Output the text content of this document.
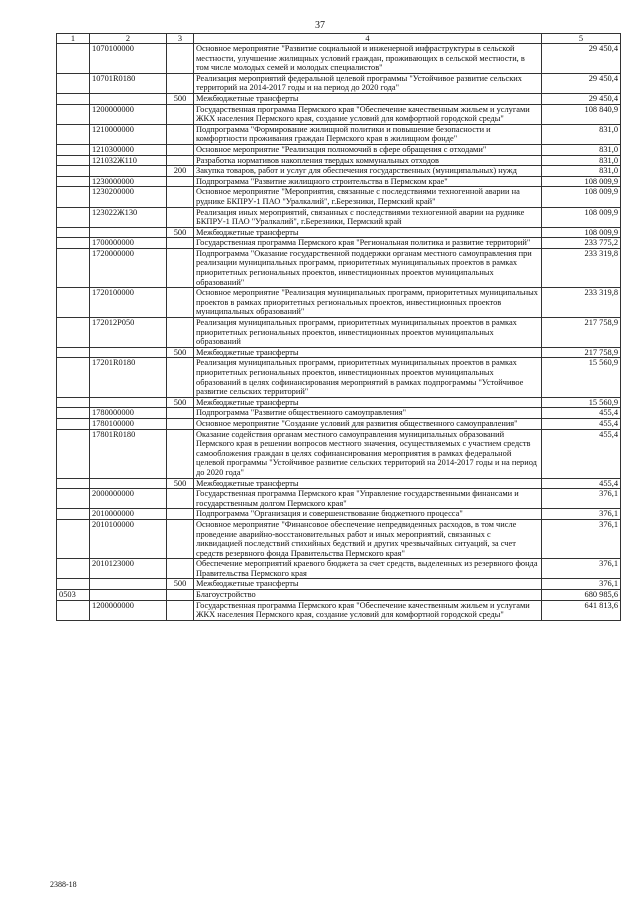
37
1	2	3	4	5
	1070100000		Основное мероприятие "Развитие социальной и инженерной инфраструктуры в сельской местности, улучшение жилищных условий граждан, проживающих в сельской местности, в том числе молодых семей и молодых специалистов"	29 450,4
	10701R0180		Реализация мероприятий федеральной целевой программы "Устойчивое развитие сельских территорий на 2014-2017 годы и на период до 2020 года"	29 450,4
		500	Межбюджетные трансферты	29 450,4
	1200000000		Государственная программа Пермского края "Обеспечение качественным жильем и услугами ЖКХ населения Пермского края, создание условий для комфортной городской среды"	108 840,9
	1210000000		Подпрограмма "Формирование жилищной политики и повышение безопасности и комфортности проживания граждан Пермского края в жилищном фонде"	831,0
	1210300000		Основное мероприятие "Реализация полномочий в сфере обращения с отходами"	831,0
	121032Ж110		Разработка нормативов накопления твердых коммунальных отходов	831,0
		200	Закупка товаров, работ и услуг для обеспечения государственных (муниципальных) нужд	831,0
	1230000000		Подпрограмма "Развитие жилищного строительства в Пермском крае"	108 009,9
	1230200000		Основное мероприятие "Мероприятия, связанные с последствиями техногенной аварии на руднике БКПРУ-1 ПАО "Уралкалий", г.Березники, Пермский край"	108 009,9
	123022Ж130		Реализация иных мероприятий, связанных с последствиями техногенной аварии на руднике БКПРУ-1 ПАО "Уралкалий", г.Березники, Пермский край	108 009,9
		500	Межбюджетные трансферты	108 009,9
	1700000000		Государственная программа Пермского края "Региональная политика и развитие территорий"	233 775,2
	1720000000		Подпрограмма "Оказание государственной поддержки органам местного самоуправления при реализации муниципальных программ, приоритетных муниципальных проектов в рамках приоритетных региональных проектов, инвестиционных проектов муниципальных образований"	233 319,8
	1720100000		Основное мероприятие "Реализация муниципальных программ, приоритетных муниципальных проектов в рамках приоритетных региональных проектов, инвестиционных проектов муниципальных образований"	233 319,8
	172012Р050		Реализация муниципальных программ, приоритетных муниципальных проектов в рамках приоритетных региональных проектов, инвестиционных проектов муниципальных образований	217 758,9
		500	Межбюджетные трансферты	217 758,9
	17201R0180		Реализация муниципальных программ, приоритетных муниципальных проектов в рамках приоритетных региональных проектов, инвестиционных проектов муниципальных образований в целях софинансирования мероприятий в рамках подпрограммы "Устойчивое развитие сельских территорий"	15 560,9
		500	Межбюджетные трансферты	15 560,9
	1780000000		Подпрограмма "Развитие общественного самоуправления"	455,4
	1780100000		Основное мероприятие "Создание условий для развития общественного самоуправления"	455,4
	17801R0180		Оказание содействия органам местного самоуправления муниципальных образований Пермского края в решении вопросов местного значения, осуществляемых с участием средств самообложения граждан в целях софинансирования мероприятия в рамках федеральной целевой программы "Устойчивое развитие сельских территорий на 2014-2017 годы и на период до 2020 года"	455,4
		500	Межбюджетные трансферты	455,4
	2000000000		Государственная программа Пермского края "Управление государственными финансами и государственным долгом Пермского края"	376,1
	2010000000		Подпрограмма "Организация и совершенствование бюджетного процесса"	376,1
	2010100000		Основное мероприятие "Финансовое обеспечение непредвиденных расходов, в том числе проведение аварийно-восстановительных работ и иных мероприятий, связанных с ликвидацией последствий стихийных бедствий и других чрезвычайных ситуаций, за счет средств резервного фонда Правительства Пермского края"	376,1
	2010123000		Обеспечение мероприятий краевого бюджета за счет средств, выделенных из резервного фонда Правительства Пермского края	376,1
		500	Межбюджетные трансферты	376,1
0503			Благоустройство	680 985,6
	1200000000		Государственная программа Пермского края "Обеспечение качественным жильем и услугами ЖКХ населения Пермского края, создание условий для комфортной городской среды"	641 813,6
2388-18
